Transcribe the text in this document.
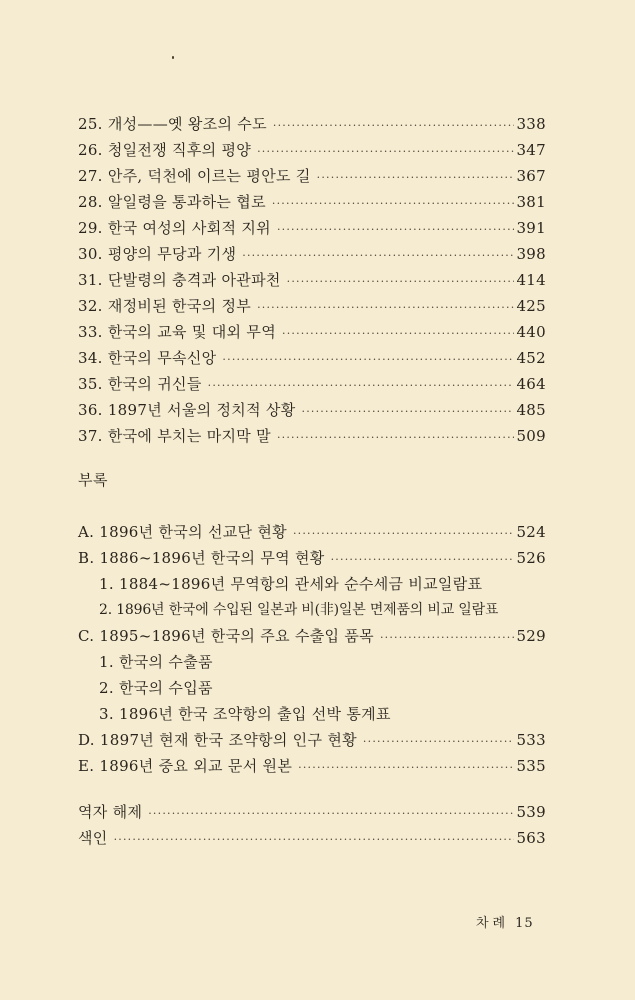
25. 개성——옛 왕조의 수도 ·····	338
26. 청일전쟁 직후의 평양 ·····	347
27. 안주, 덕천에 이르는 평안도 길 ·····	367
28. 알일령을 통과하는 협로 ·····	381
29. 한국 여성의 사회적 지위 ·····	391
30. 평양의 무당과 기생 ·····	398
31. 단발령의 충격과 아관파천 ·····	414
32. 재정비된 한국의 정부 ·····	425
33. 한국의 교육 및 대외 무역 ·····	440
34. 한국의 무속신앙 ·····	452
35. 한국의 귀신들 ·····	464
36. 1897년 서울의 정치적 상황 ·····	485
37. 한국에 부치는 마지막 말 ·····	509
부록
A. 1896년 한국의 선교단 현황 ·····	524
B. 1886~1896년 한국의 무역 현황 ·····	526
1. 1884~1896년 무역항의 관세와 순수세금 비교일람표
2. 1896년 한국에 수입된 일본과 비(非)일본 면제품의 비교 일람표
C. 1895~1896년 한국의 주요 수출입 품목 ·····	529
1. 한국의 수출품
2. 한국의 수입품
3. 1896년 한국 조약항의 출입 선박 통계표
D. 1897년 현재 한국 조약항의 인구 현황 ·····	533
E. 1896년 중요 외교 문서 원본 ·····	535
역자 해제 ·····	539
색인 ·····	563
차례 15
